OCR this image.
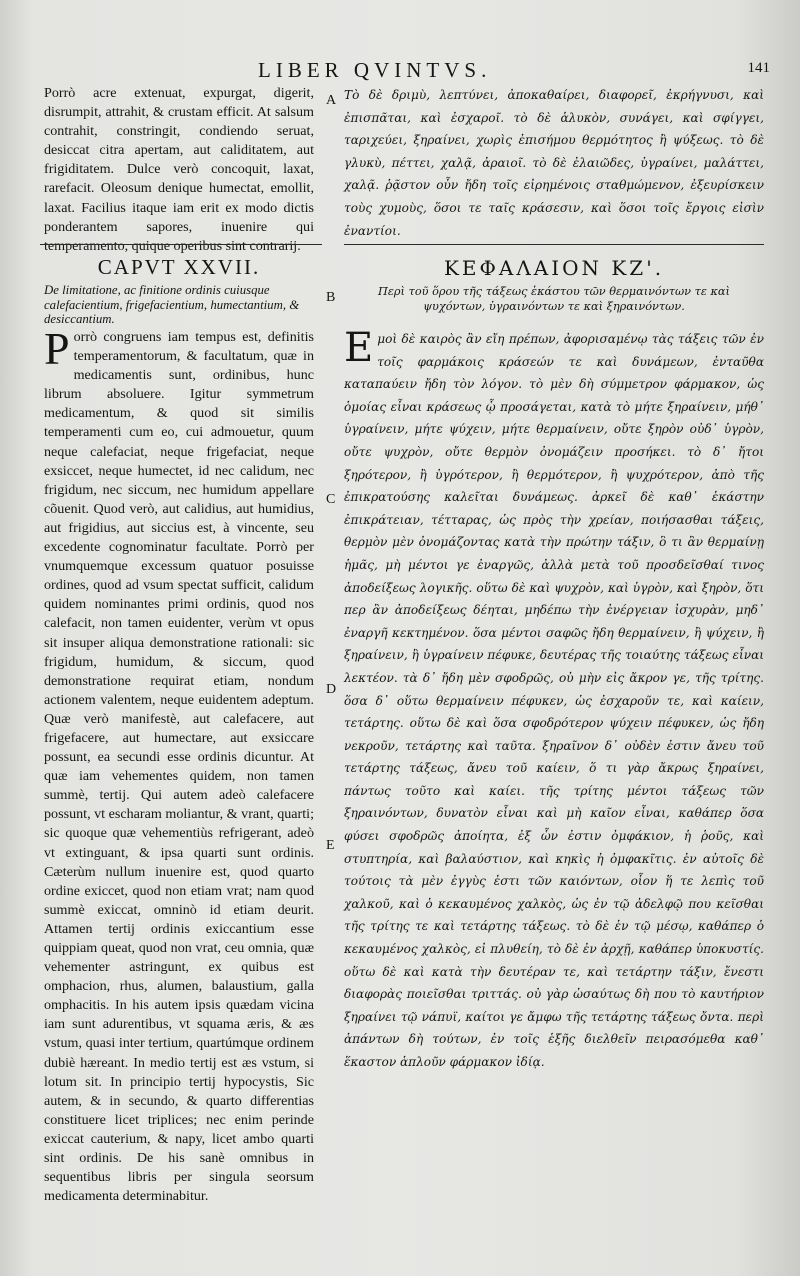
LIBER QVINTVS.	141
A
B
C
D
E

Porrò acre extenuat, expurgat, digerit, disrumpit, attrahit, & crustam efficit. At salsum contrahit, constringit, condiendo seruat, desiccat citra apertam, aut caliditatem, aut frigiditatem. Dulce verò concoquit, laxat, rarefacit. Oleosum denique humectat, emollit, laxat. Facilius itaque iam erit ex modo dictis ponderantem sapores, inuenire qui temperamento, quique operibus sint contrarij.

Τὸ δὲ δριμὺ, λεπτύνει, ἀποκαθαίρει, διαφορεῖ, ἐκρήγνυσι, καὶ ἐπισπᾶται, καὶ ἐσχαροῖ. τὸ δὲ ἁλυκὸν, συνάγει, καὶ σφίγγει, ταριχεύει, ξηραίνει, χωρὶς ἐπισήμου θερμότητος ἢ ψύξεως. τὸ δὲ γλυκὺ, πέττει, χαλᾷ, ἀραιοῖ. τὸ δὲ ἐλαιῶδες, ὑγραίνει, μαλάττει, χαλᾷ. ῥᾷστον οὖν ἤδη τοῖς εἰρημένοις σταθμώμενον, ἐξευρίσκειν τοὺς χυμοὺς, ὅσοι τε ταῖς κράσεσιν, καὶ ὅσοι τοῖς ἔργοις εἰσὶν ἐναντίοι.

CAPVT XXVII.	ΚΕΦΑΛΑΙΟΝ ΚΖ'.
De limitatione, ac finitione ordinis cuiusque calefacientium, frigefacientium, humectantium, & desiccantium.
Περὶ τοῦ ὅρου τῆς τάξεως ἑκάστου τῶν θερμαινόντων τε καὶ ψυχόντων, ὑγραινόντων τε καὶ ξηραινόντων.

Porrò congruens iam tempus est, definitis temperamentorum, & facultatum, quæ in medicamentis sunt, ordinibus, hunc librum absoluere. Igitur symmetrum medicamentum, & quod sit similis temperamenti cum eo, cui admouetur, quum neque calefaciat, neque frigefaciat, neque exsiccet, neque humectet, id nec calidum, nec frigidum, nec siccum, nec humidum appellare cõuenit. Quod verò, aut calidius, aut humidius, aut frigidius, aut siccius est, à vincente, seu excedente cognominatur facultate. Porrò per vnumquemque excessum quatuor posuisse ordines, quod ad vsum spectat sufficit, calidum quidem nominantes primi ordinis, quod nos calefacit, non tamen euidenter, verùm vt opus sit insuper aliqua demonstratione rationali: sic frigidum, humidum, & siccum, quod demonstratione requirat etiam, nondum actionem valentem, neque euidentem adeptum. Quæ verò manifestè, aut calefacere, aut frigefacere, aut humectare, aut exsiccare possunt, ea secundi esse ordinis dicuntur. At quæ iam vehementes quidem, non tamen summè, tertij. Qui autem adeò calefacere possunt, vt escharam moliantur, & vrant, quarti; sic quoque quæ vehementiùs refrigerant, adeò vt extinguant, & ipsa quarti sunt ordinis. Cæterùm nullum inuenire est, quod quarto ordine exiccet, quod non etiam vrat; nam quod summè exiccat, omninò id etiam deurit. Attamen tertij ordinis exiccantium esse quippiam queat, quod non vrat, ceu omnia, quæ vehementer astringunt, ex quibus est omphacion, rhus, alumen, balaustium, galla omphacitis. In his autem ipsis quædam vicina iam sunt adurentibus, vt squama æris, & æs vstum, quasi inter tertium, quartúmque ordinem dubiè hæreant. In medio tertij est æs vstum, si lotum sit. In principio tertij hypocystis, Sic autem, & in secundo, & quarto differentias constituere licet triplices; nec enim perinde exiccat cauterium, & napy, licet ambo quarti sint ordinis. De his sanè omnibus in sequentibus libris per singula seorsum medicamenta determinabitur.

Εμοὶ δὲ καιρὸς ἂν εἴη πρέπων, ἀφορισαμένῳ τὰς τάξεις τῶν ἐν τοῖς φαρμάκοις κράσεών τε καὶ δυνάμεων, ἐνταῦθα καταπαύειν ἤδη τὸν λόγον. τὸ μὲν δὴ σύμμετρον φάρμακον, ὡς ὁμοίας εἶναι κράσεως ᾧ προσάγεται, κατὰ τὸ μήτε ξηραίνειν, μήθ᾽ ὑγραίνειν, μήτε ψύχειν, μήτε θερμαίνειν, οὔτε ξηρὸν οὐδ᾽ ὑγρὸν, οὔτε ψυχρὸν, οὔτε θερμὸν ὀνομάζειν προσήκει. τὸ δ᾽ ἤτοι ξηρότερον, ἢ ὑγρότερον, ἢ θερμότερον, ἢ ψυχρότερον, ἀπὸ τῆς ἐπικρατούσης καλεῖται δυνάμεως. ἀρκεῖ δὲ καθ᾽ ἑκάστην ἐπικράτειαν, τέτταρας, ὡς πρὸς τὴν χρείαν, ποιήσασθαι τάξεις, θερμὸν μὲν ὀνομάζοντας κατὰ τὴν πρώτην τάξιν, ὃ τι ἂν θερμαίνῃ ἡμᾶς, μὴ μέντοι γε ἐναργῶς, ἀλλὰ μετὰ τοῦ προσδεῖσθαί τινος ἀποδείξεως λογικῆς. οὕτω δὲ καὶ ψυχρὸν, καὶ ὑγρὸν, καὶ ξηρὸν, ὅτι περ ἂν ἀποδείξεως δέηται, μηδέπω τὴν ἐνέργειαν ἰσχυρὰν, μηδ᾽ ἐναργῆ κεκτημένον. ὅσα μέντοι σαφῶς ἤδη θερμαίνειν, ἢ ψύχειν, ἢ ξηραίνειν, ἢ ὑγραίνειν πέφυκε, δευτέρας τῆς τοιαύτης τάξεως εἶναι λεκτέον. τὰ δ᾽ ἤδη μὲν σφοδρῶς, οὐ μὴν εἰς ἄκρον γε, τῆς τρίτης. ὅσα δ᾽ οὕτω θερμαίνειν πέφυκεν, ὡς ἐσχαροῦν τε, καὶ καίειν, τετάρτης. οὕτω δὲ καὶ ὅσα σφοδρότερον ψύχειν πέφυκεν, ὡς ἤδη νεκροῦν, τετάρτης καὶ ταῦτα. ξηραῖνον δ᾽ οὐδὲν ἐστιν ἄνευ τοῦ τετάρτης τάξεως, ἄνευ τοῦ καίειν, ὅ τι γὰρ ἄκρως ξηραίνει, πάντως τοῦτο καὶ καίει. τῆς τρίτης μέντοι τάξεως τῶν ξηραινόντων, δυνατὸν εἶναι καὶ μὴ καῖον εἶναι, καθάπερ ὅσα φύσει σφοδρῶς ἀποίητα, ἐξ ὧν ἐστιν ὀμφάκιον, ἡ ῥοῦς, καὶ στυπτηρία, καὶ βαλαύστιον, καὶ κηκὶς ἡ ὀμφακῖτις. ἐν αὐτοῖς δὲ τούτοις τὰ μὲν ἐγγὺς ἐστι τῶν καιόντων, οἷον ἥ τε λεπὶς τοῦ χαλκοῦ, καὶ ὁ κεκαυμένος χαλκὸς, ὡς ἐν τῷ ἀδελφῷ που κεῖσθαι τῆς τρίτης τε καὶ τετάρτης τάξεως. τὸ δὲ ἐν τῷ μέσῳ, καθάπερ ὁ κεκαυμένος χαλκὸς, εἰ πλυθείη, τὸ δὲ ἐν ἀρχῇ, καθάπερ ὑποκυστίς. οὕτω δὲ καὶ κατὰ τὴν δευτέραν τε, καὶ τετάρτην τάξιν, ἔνεστι διαφορὰς ποιεῖσθαι τριττάς. οὐ γὰρ ὡσαύτως δὴ που τὸ καυτήριον ξηραίνει τῷ νάπυϊ, καίτοι γε ἄμφω τῆς τετάρτης τάξεως ὄντα. περὶ ἁπάντων δὴ τούτων, ἐν τοῖς ἑξῆς διελθεῖν πειρασόμεθα καθ᾽ ἕκαστον ἁπλοῦν φάρμακον ἰδίᾳ.
